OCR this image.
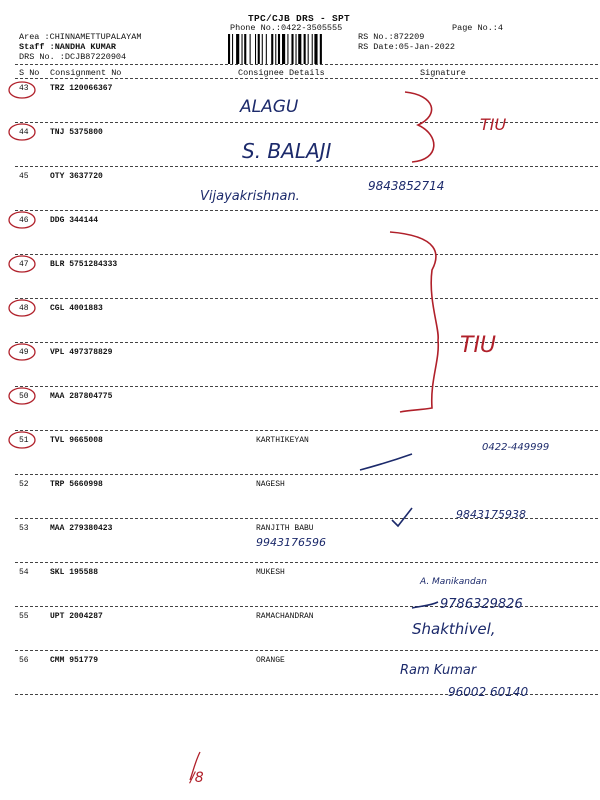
TPC/CJB DRS - SPT
Phone No.:0422-3505555	Page No.:4
Area :CHINNAMETTUPALAYAM
Staff :NANDHA KUMAR
DRS No. :DCJB87220904
RS No.:872209
RS Date:05-Jan-2022
S No Consignment No	Consignee Details	Signature
43	TRZ 120066367
44	TNJ 5375800
45	OTY 3637720
46	DDG 344144
47	BLR 5751284333
48	CGL 4001883
49	VPL 497378829
50	MAA 287804775
51	TVL 9665008	KARTHIKEYAN
52	TRP 5660998	NAGESH
53	MAA 279380423	RANJITH BABU
54	SKL 195588	MUKESH
55	UPT 2004287	RAMACHANDRAN
56	CMM 951779	ORANGE
ALAGU
S. BALAJI
Vijayakrishnan.
9843852714
TIU
TIU
0422-449999
9843175938
9943176596
A. Manikandan
9786329826
Shakthivel,
Ram Kumar
96002 60140
/8
